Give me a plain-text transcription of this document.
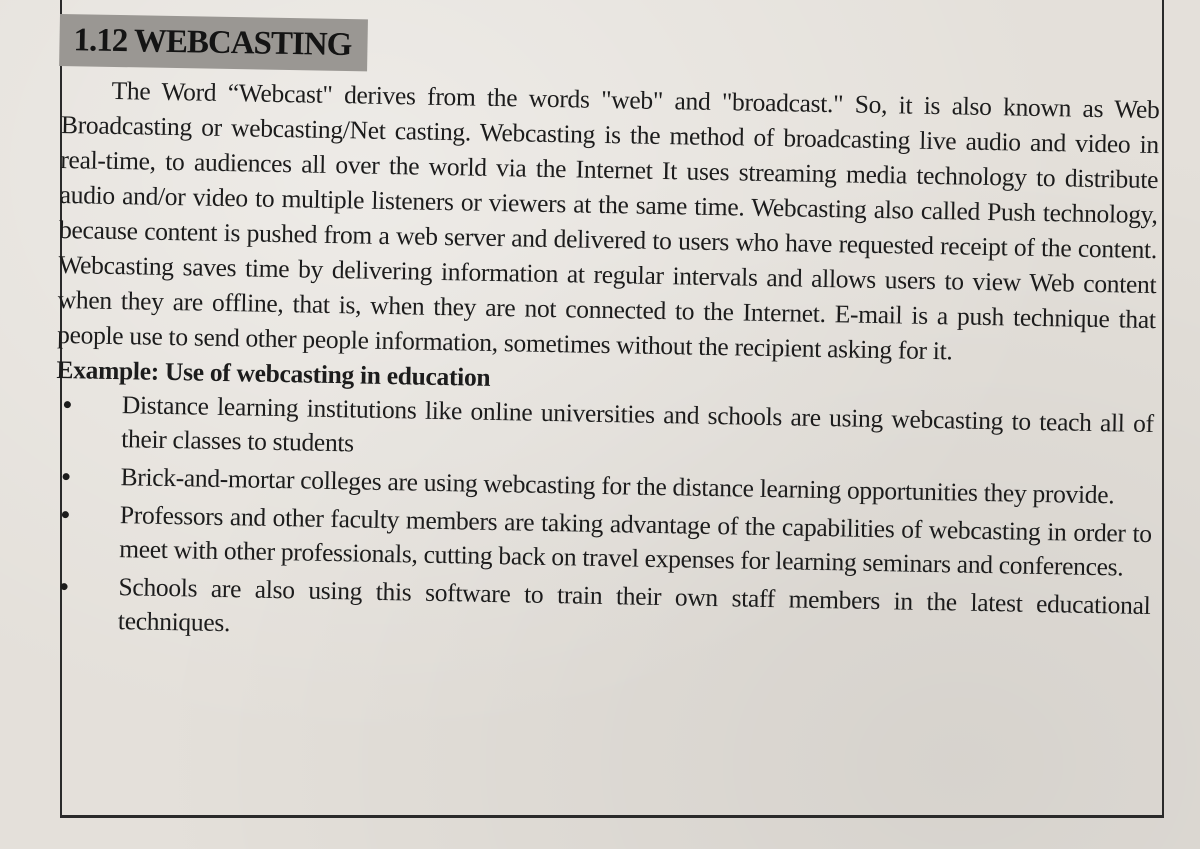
1.12 WEBCASTING

The Word “Webcast" derives from the words "web" and "broadcast." So, it is also known as Web Broadcasting or webcasting/Net casting. Webcasting is the method of broadcasting live audio and video in real-time, to audiences all over the world via the Internet It uses streaming media technology to distribute audio and/or video to multiple listeners or viewers at the same time. Webcasting also called Push technology, because content is pushed from a web server and delivered to users who have requested receipt of the content. Webcasting saves time by delivering information at regular intervals and allows users to view Web content when they are offline, that is, when they are not connected to the Internet. E-mail is a push technique that people use to send other people information, sometimes without the recipient asking for it.

Example: Use of webcasting in education

Distance learning institutions like online universities and schools are using webcasting to teach all of their classes to students
Brick-and-mortar colleges are using webcasting for the distance learning opportunities they provide.
Professors and other faculty members are taking advantage of the capabilities of webcasting in order to meet with other professionals, cutting back on travel expenses for learning seminars and conferences.
Schools are also using this software to train their own staff members in the latest educational techniques.
